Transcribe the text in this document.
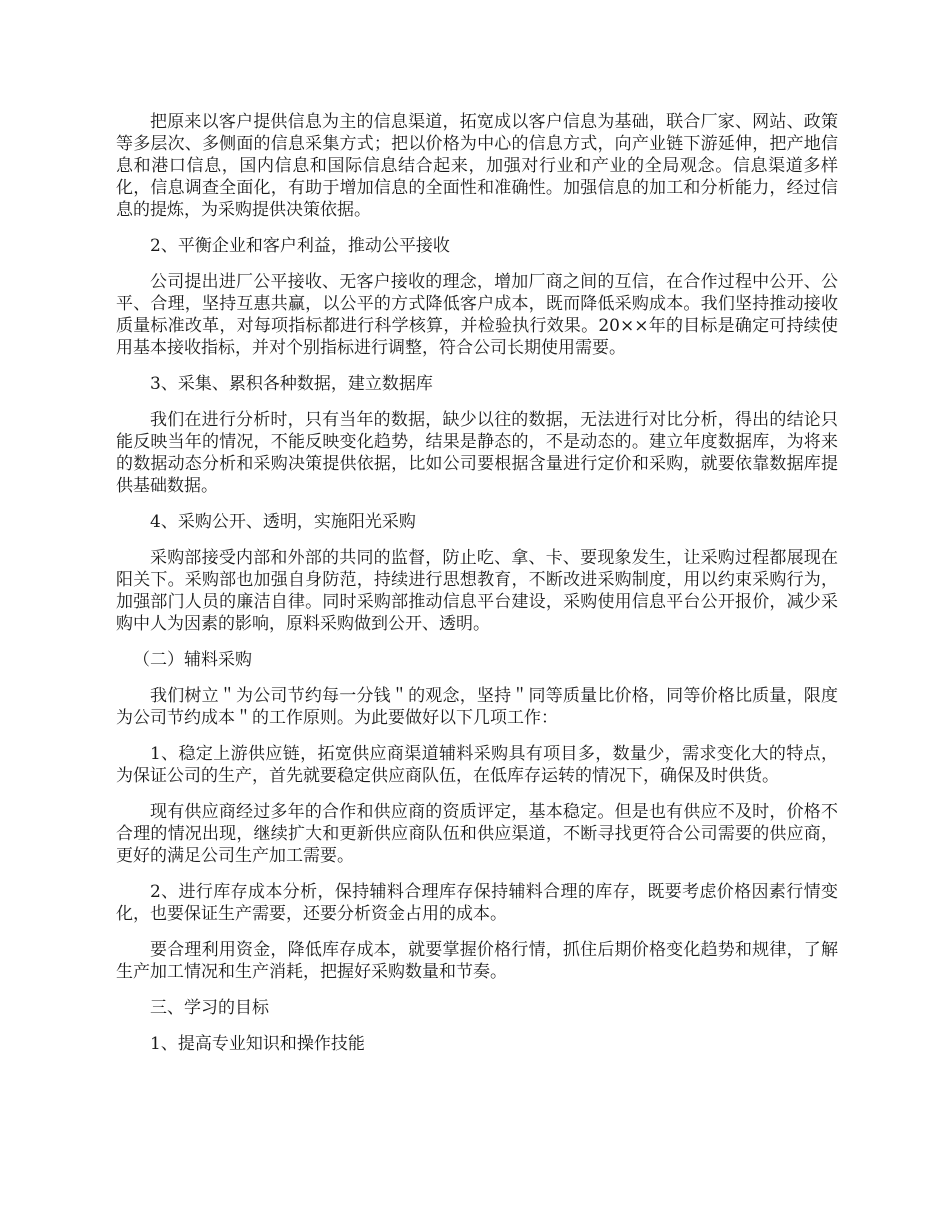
把原来以客户提供信息为主的信息渠道，拓宽成以客户信息为基础，联合厂家、网站、政策等多层次、多侧面的信息采集方式；把以价格为中心的信息方式，向产业链下游延伸，把产地信息和港口信息，国内信息和国际信息结合起来，加强对行业和产业的全局观念。信息渠道多样化，信息调查全面化，有助于增加信息的全面性和准确性。加强信息的加工和分析能力，经过信息的提炼，为采购提供决策依据。

2、平衡企业和客户利益，推动公平接收

公司提出进厂公平接收、无客户接收的理念，增加厂商之间的互信，在合作过程中公开、公平、合理，坚持互惠共赢，以公平的方式降低客户成本，既而降低采购成本。我们坚持推动接收质量标准改革，对每项指标都进行科学核算，并检验执行效果。20××年的目标是确定可持续使用基本接收指标，并对个别指标进行调整，符合公司长期使用需要。

3、采集、累积各种数据，建立数据库

我们在进行分析时，只有当年的数据，缺少以往的数据，无法进行对比分析，得出的结论只能反映当年的情况，不能反映变化趋势，结果是静态的，不是动态的。建立年度数据库，为将来的数据动态分析和采购决策提供依据，比如公司要根据含量进行定价和采购，就要依靠数据库提供基础数据。

4、采购公开、透明，实施阳光采购

采购部接受内部和外部的共同的监督，防止吃、拿、卡、要现象发生，让采购过程都展现在阳关下。采购部也加强自身防范，持续进行思想教育，不断改进采购制度，用以约束采购行为，加强部门人员的廉洁自律。同时采购部推动信息平台建设，采购使用信息平台公开报价，减少采购中人为因素的影响，原料采购做到公开、透明。

（二）辅料采购

我们树立＂为公司节约每一分钱＂的观念，坚持＂同等质量比价格，同等价格比质量，限度为公司节约成本＂的工作原则。为此要做好以下几项工作：

1、稳定上游供应链，拓宽供应商渠道辅料采购具有项目多，数量少，需求变化大的特点，为保证公司的生产，首先就要稳定供应商队伍，在低库存运转的情况下，确保及时供货。

现有供应商经过多年的合作和供应商的资质评定，基本稳定。但是也有供应不及时，价格不合理的情况出现，继续扩大和更新供应商队伍和供应渠道，不断寻找更符合公司需要的供应商，更好的满足公司生产加工需要。

2、进行库存成本分析，保持辅料合理库存保持辅料合理的库存，既要考虑价格因素行情变化，也要保证生产需要，还要分析资金占用的成本。

要合理利用资金，降低库存成本，就要掌握价格行情，抓住后期价格变化趋势和规律，了解生产加工情况和生产消耗，把握好采购数量和节奏。

三、学习的目标

1、提高专业知识和操作技能
